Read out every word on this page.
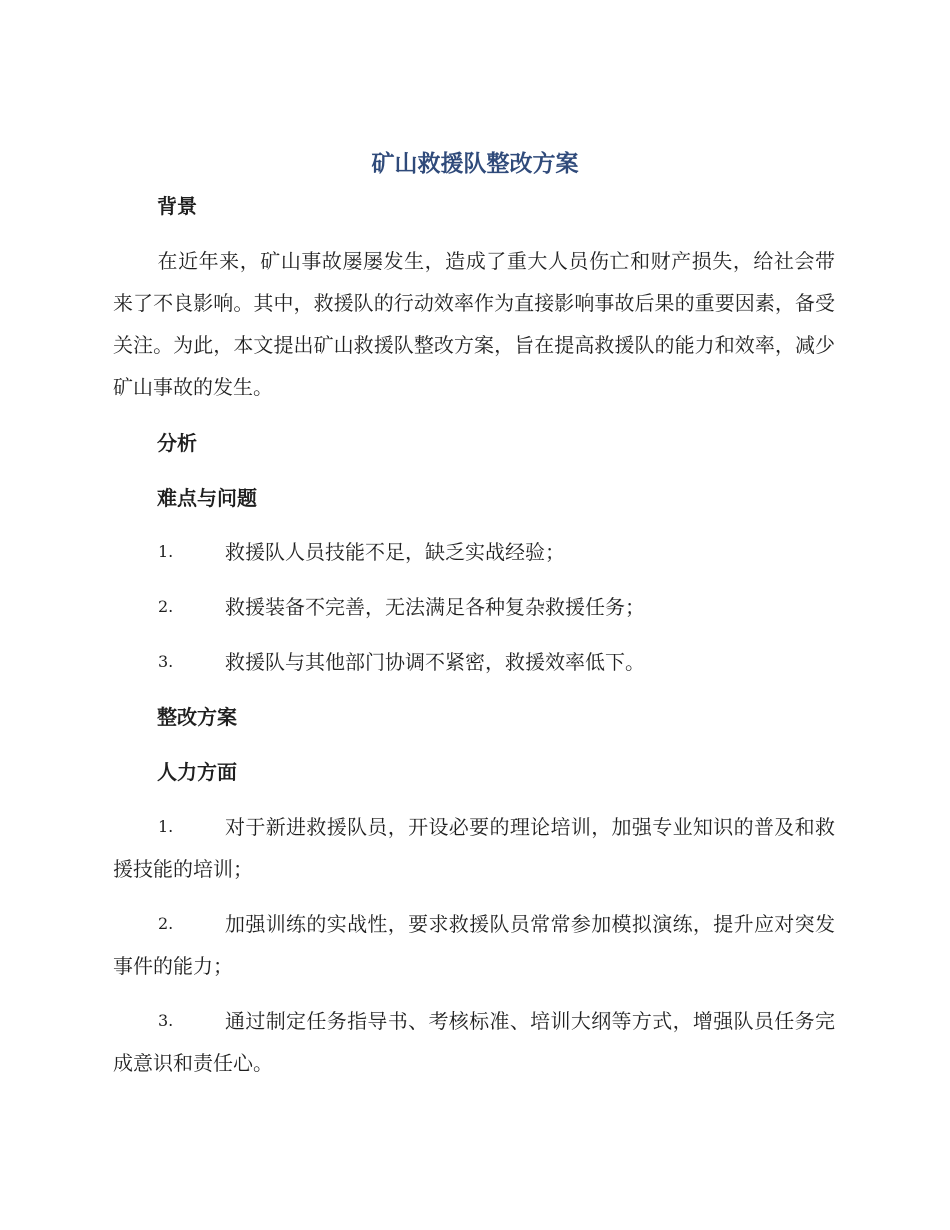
矿山救援队整改方案
背景
在近年来，矿山事故屡屡发生，造成了重大人员伤亡和财产损失，给社会带来了不良影响。其中，救援队的行动效率作为直接影响事故后果的重要因素，备受关注。为此，本文提出矿山救援队整改方案，旨在提高救援队的能力和效率，减少矿山事故的发生。
分析
难点与问题
1.	救援队人员技能不足，缺乏实战经验；
2.	救援装备不完善，无法满足各种复杂救援任务；
3.	救援队与其他部门协调不紧密，救援效率低下。
整改方案
人力方面
1.	对于新进救援队员，开设必要的理论培训，加强专业知识的普及和救援技能的培训；
2.	加强训练的实战性，要求救援队员常常参加模拟演练，提升应对突发事件的能力；
3.	通过制定任务指导书、考核标准、培训大纲等方式，增强队员任务完成意识和责任心。
